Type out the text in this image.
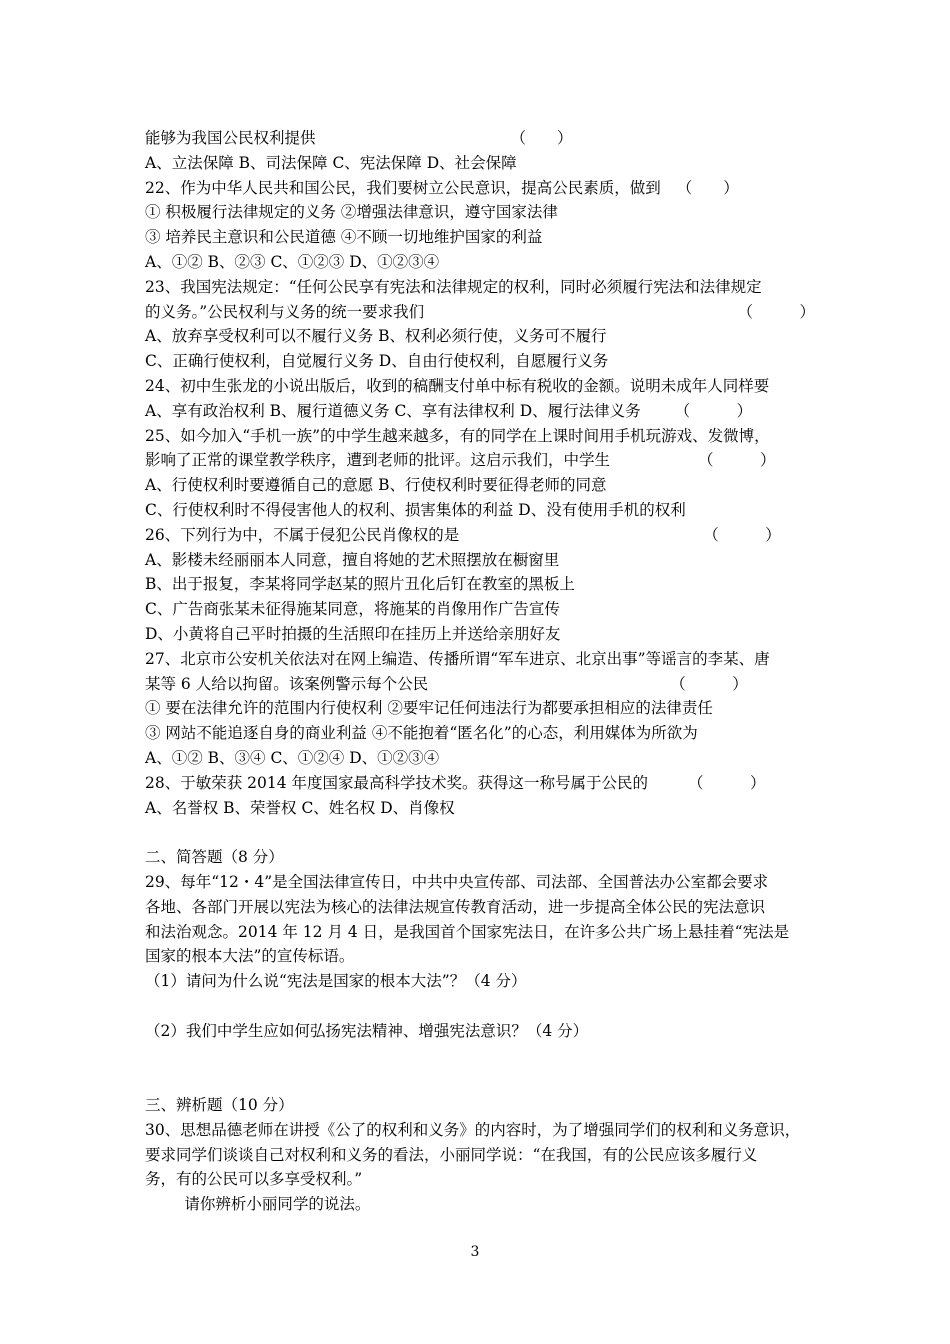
能够为我国公民权利提供	（　　）
A、立法保障 B、司法保障 C、宪法保障 D、社会保障
22、作为中华人民共和国公民，我们要树立公民意识，提高公民素质，做到 （　　）
① 积极履行法律规定的义务 ②增强法律意识，遵守国家法律
③ 培养民主意识和公民道德 ④不顾一切地维护国家的利益
A、①② B、②③ C、①②③ D、①②③④
23、我国宪法规定：“任何公民享有宪法和法律规定的权利，同时必须履行宪法和法律规定
的义务。”公民权利与义务的统一要求我们	（　　　）
A、放弃享受权利可以不履行义务 B、权利必须行使，义务可不履行
C、正确行使权利，自觉履行义务 D、自由行使权利，自愿履行义务
24、初中生张龙的小说出版后，收到的稿酬支付单中标有税收的金额。说明未成年人同样要
A、享有政治权利 B、履行道德义务 C、享有法律权利 D、履行法律义务 （　　　）
25、如今加入“手机一族”的中学生越来越多，有的同学在上课时间用手机玩游戏、发微博，
影响了正常的课堂教学秩序，遭到老师的批评。这启示我们，中学生	（　　　）
A、行使权利时要遵循自己的意愿 B、行使权利时要征得老师的同意
C、行使权利时不得侵害他人的权利、损害集体的利益 D、没有使用手机的权利
26、下列行为中，不属于侵犯公民肖像权的是	（　　　）
A、影楼未经丽丽本人同意，擅自将她的艺术照摆放在橱窗里
B、出于报复，李某将同学赵某的照片丑化后钉在教室的黑板上
C、广告商张某未征得施某同意，将施某的肖像用作广告宣传
D、小黄将自己平时拍摄的生活照印在挂历上并送给亲朋好友
27、北京市公安机关依法对在网上编造、传播所谓“军车进京、北京出事”等谣言的李某、唐
某等 6 人给以拘留。该案例警示每个公民	（　　　）
① 要在法律允许的范围内行使权利 ②要牢记任何违法行为都要承担相应的法律责任
③ 网站不能追逐自身的商业利益 ④不能抱着“匿名化”的心态，利用媒体为所欲为
A、①② B、③④ C、①②④ D、①②③④
28、于敏荣获 2014 年度国家最高科学技术奖。获得这一称号属于公民的	（　　　）
A、名誉权 B、荣誉权 C、姓名权 D、肖像权
二、简答题（8 分）
29、每年“12・4”是全国法律宣传日，中共中央宣传部、司法部、全国普法办公室都会要求
各地、各部门开展以宪法为核心的法律法规宣传教育活动，进一步提高全体公民的宪法意识
和法治观念。2014 年 12 月 4 日，是我国首个国家宪法日，在许多公共广场上悬挂着“宪法是
国家的根本大法”的宣传标语。
（1）请问为什么说“宪法是国家的根本大法”？（4 分）
（2）我们中学生应如何弘扬宪法精神、增强宪法意识？（4 分）
三、辨析题（10 分）
30、思想品德老师在讲授《公了的权利和义务》的内容时，为了增强同学们的权利和义务意识，
要求同学们谈谈自己对权利和义务的看法，小丽同学说：“在我国，有的公民应该多履行义
务，有的公民可以多享受权利。”
请你辨析小丽同学的说法。
3
